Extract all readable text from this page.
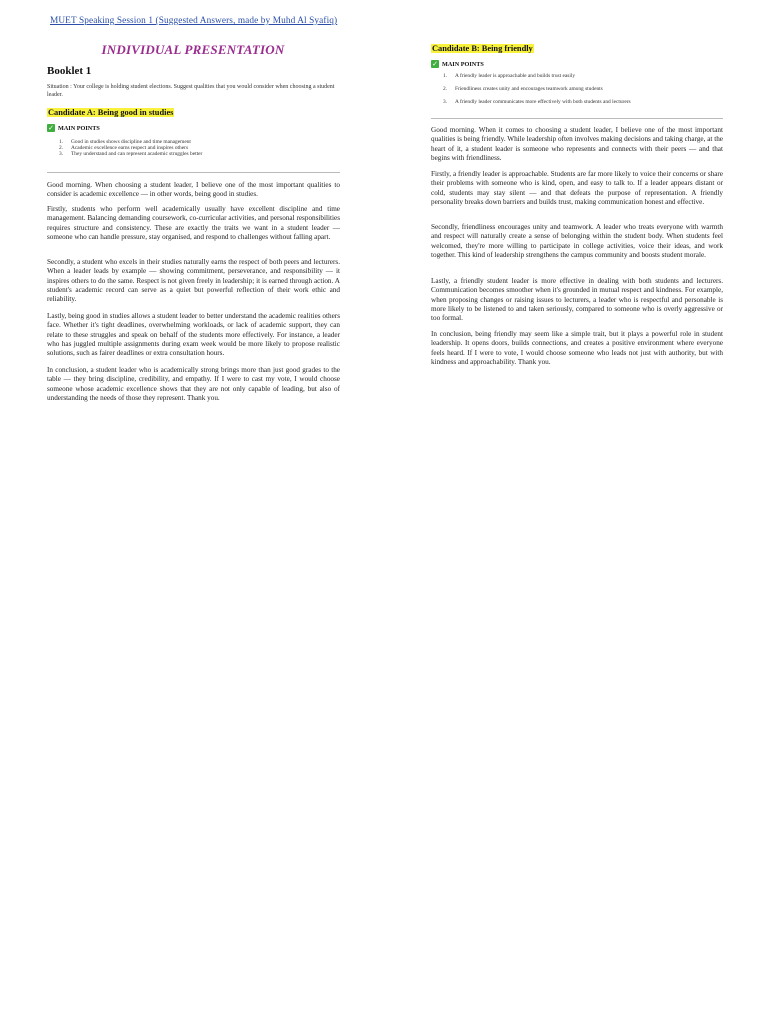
MUET Speaking Session 1 (Suggested Answers, made by Muhd Al Syafiq)
INDIVIDUAL PRESENTATION
Booklet 1
Situation : Your college is holding student elections. Suggest qualities that you would consider when choosing a student leader.
Candidate A: Being good in studies
✓ MAIN POINTS
1.	Good in studies shows discipline and time management
2.	Academic excellence earns respect and inspires others
3.	They understand and can represent academic struggles better

Good morning. When choosing a student leader, I believe one of the most important qualities to consider is academic excellence — in other words, being good in studies.

Firstly, students who perform well academically usually have excellent discipline and time management. Balancing demanding coursework, co-curricular activities, and personal responsibilities requires structure and consistency. These are exactly the traits we want in a student leader — someone who can handle pressure, stay organised, and respond to challenges without falling apart.

Secondly, a student who excels in their studies naturally earns the respect of both peers and lecturers. When a leader leads by example — showing commitment, perseverance, and responsibility — it inspires others to do the same. Respect is not given freely in leadership; it is earned through action. A student's academic record can serve as a quiet but powerful reflection of their work ethic and reliability.

Lastly, being good in studies allows a student leader to better understand the academic realities others face. Whether it's tight deadlines, overwhelming workloads, or lack of academic support, they can relate to these struggles and speak on behalf of the students more effectively. For instance, a leader who has juggled multiple assignments during exam week would be more likely to propose realistic solutions, such as fairer deadlines or extra consultation hours.

In conclusion, a student leader who is academically strong brings more than just good grades to the table — they bring discipline, credibility, and empathy. If I were to cast my vote, I would choose someone whose academic excellence shows that they are not only capable of leading, but also of understanding the needs of those they represent. Thank you.

Candidate B: Being friendly
✓ MAIN POINTS
1.	A friendly leader is approachable and builds trust easily
2.	Friendliness creates unity and encourages teamwork among students
3.	A friendly leader communicates more effectively with both students and lecturers

Good morning. When it comes to choosing a student leader, I believe one of the most important qualities is being friendly. While leadership often involves making decisions and taking charge, at the heart of it, a student leader is someone who represents and connects with their peers — and that begins with friendliness.

Firstly, a friendly leader is approachable. Students are far more likely to voice their concerns or share their problems with someone who is kind, open, and easy to talk to. If a leader appears distant or cold, students may stay silent — and that defeats the purpose of representation. A friendly personality breaks down barriers and builds trust, making communication honest and effective.

Secondly, friendliness encourages unity and teamwork. A leader who treats everyone with warmth and respect will naturally create a sense of belonging within the student body. When students feel welcomed, they're more willing to participate in college activities, voice their ideas, and work together. This kind of leadership strengthens the campus community and boosts student morale.

Lastly, a friendly student leader is more effective in dealing with both students and lecturers. Communication becomes smoother when it's grounded in mutual respect and kindness. For example, when proposing changes or raising issues to lecturers, a leader who is respectful and personable is more likely to be listened to and taken seriously, compared to someone who is overly aggressive or too formal.

In conclusion, being friendly may seem like a simple trait, but it plays a powerful role in student leadership. It opens doors, builds connections, and creates a positive environment where everyone feels heard. If I were to vote, I would choose someone who leads not just with authority, but with kindness and approachability. Thank you.
